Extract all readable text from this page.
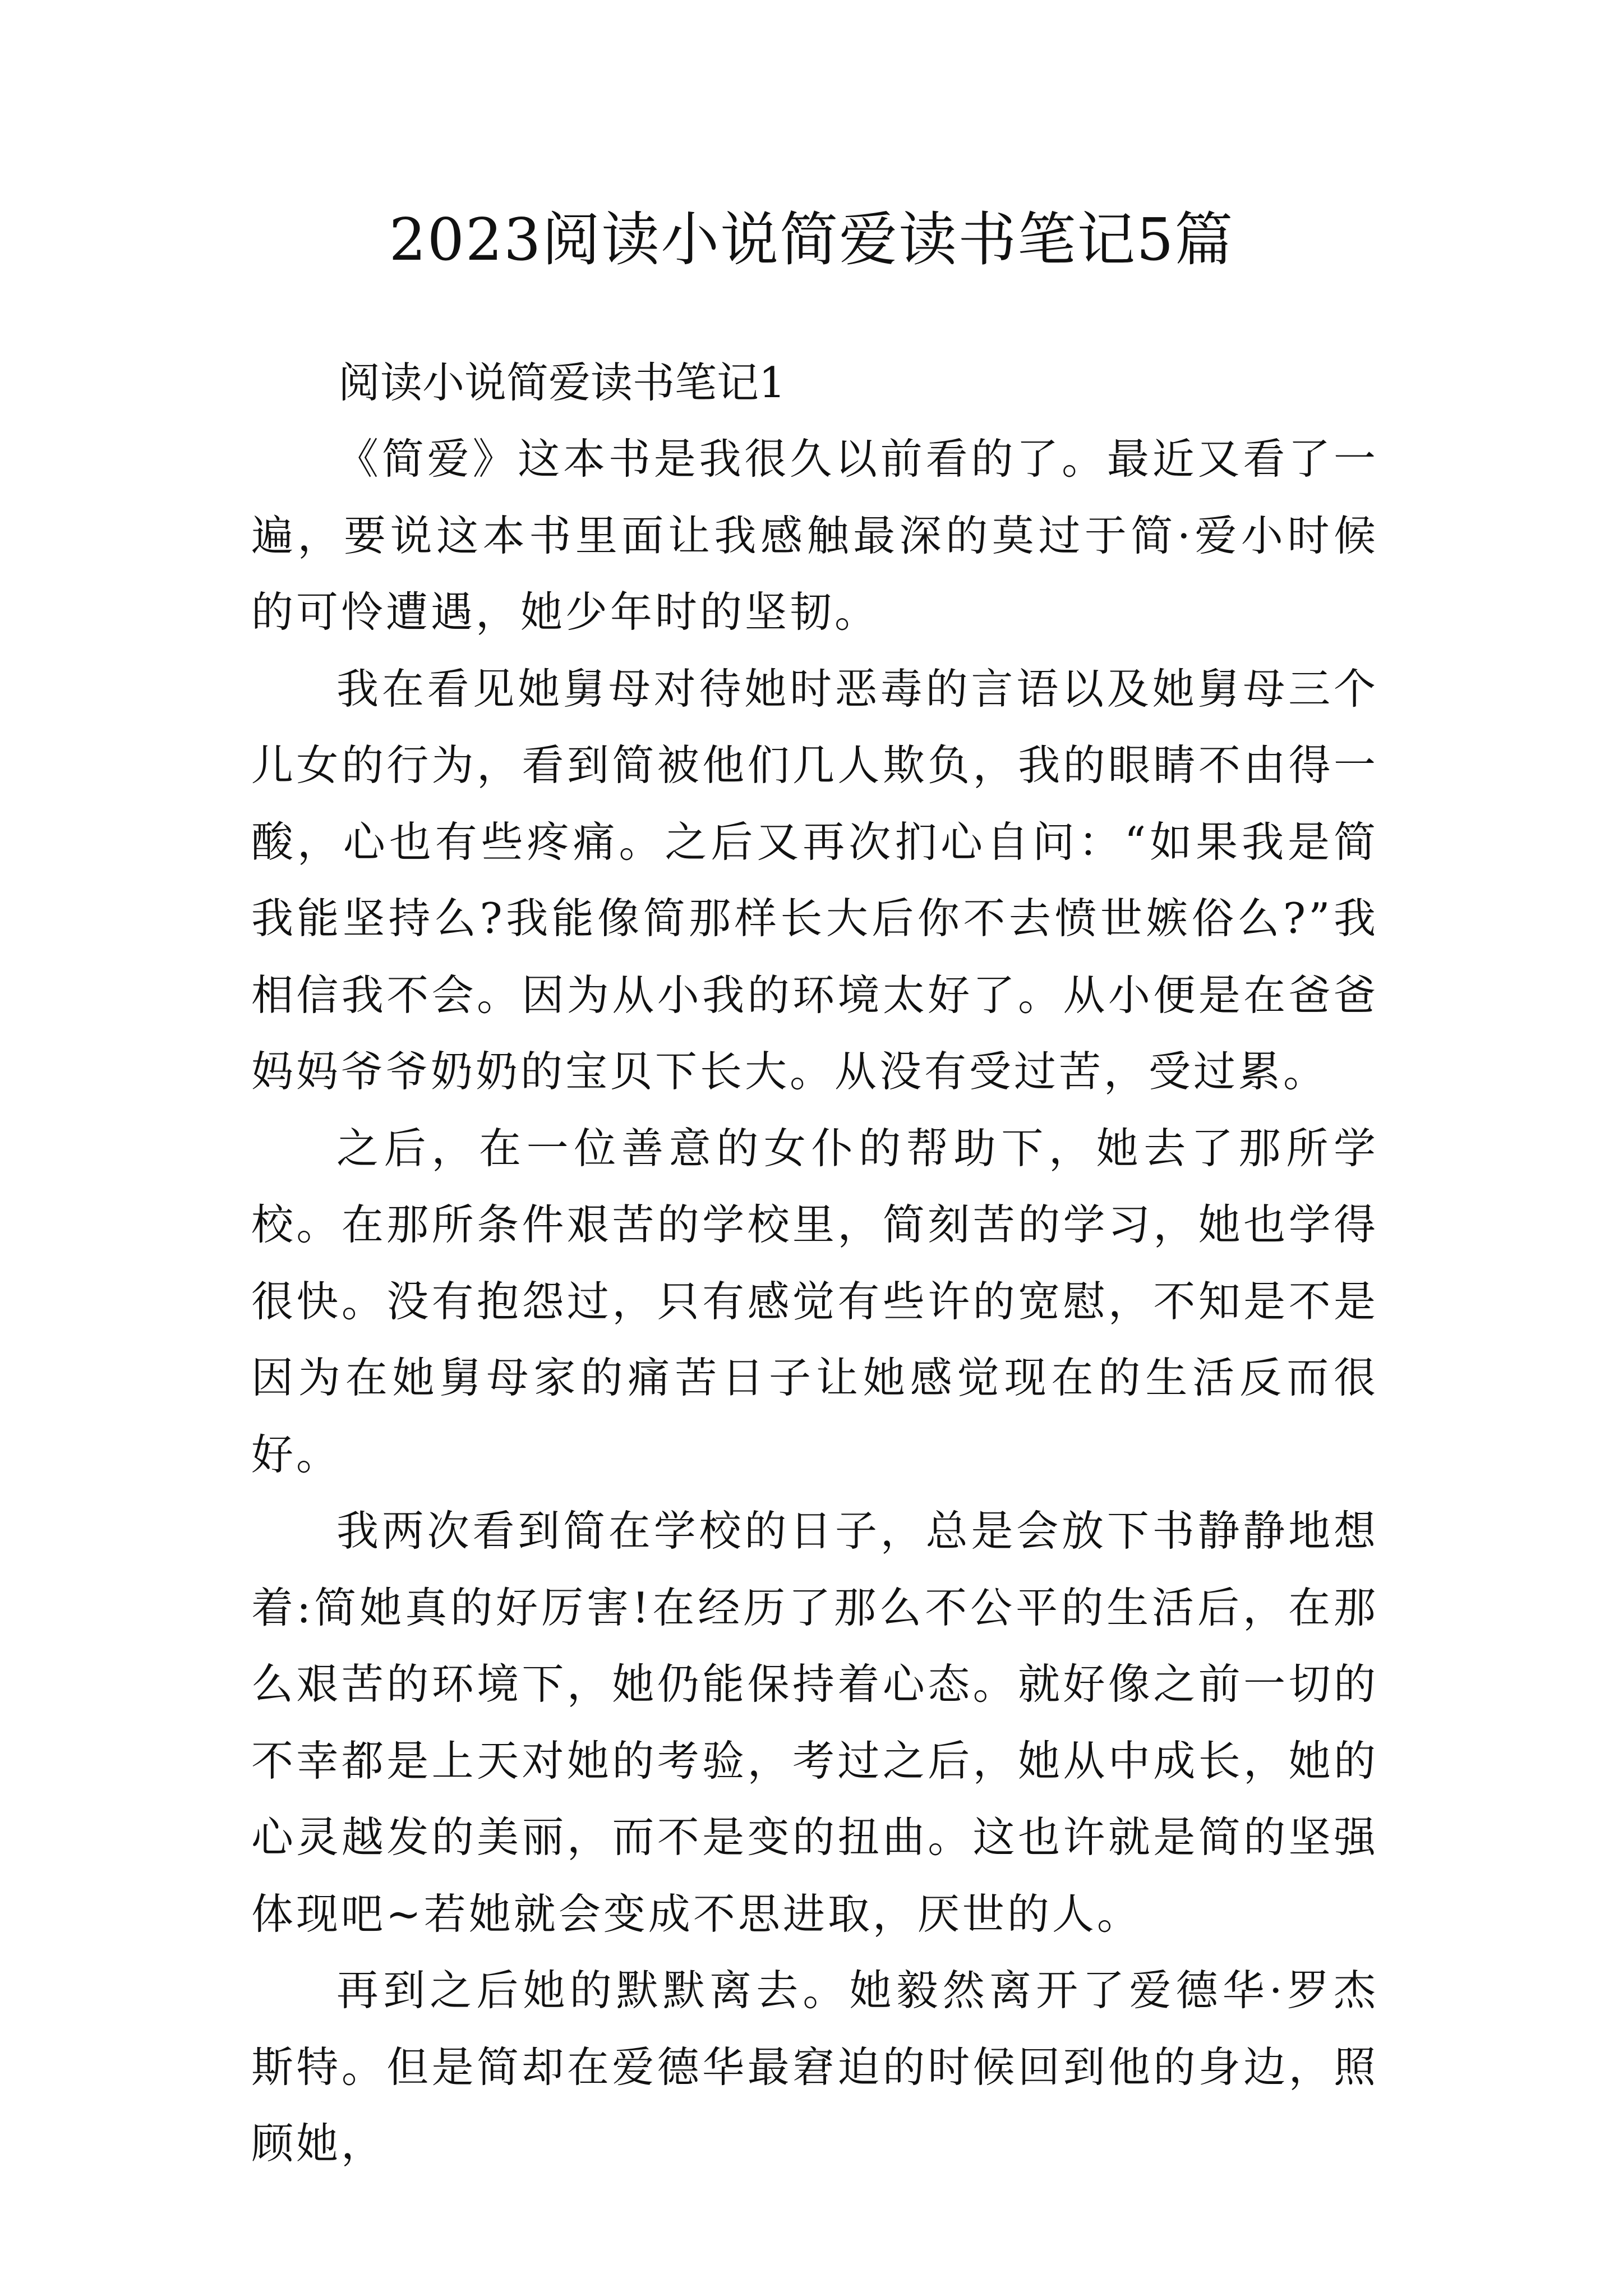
2023阅读小说简爱读书笔记5篇

阅读小说简爱读书笔记1

《简爱》这本书是我很久以前看的了。最近又看了一遍，要说这本书里面让我感触最深的莫过于简·爱小时候的可怜遭遇，她少年时的坚韧。

我在看见她舅母对待她时恶毒的言语以及她舅母三个儿女的行为，看到简被他们几人欺负，我的眼睛不由得一酸，心也有些疼痛。之后又再次扪心自问：“如果我是简我能坚持么?我能像简那样长大后你不去愤世嫉俗么?”我相信我不会。因为从小我的环境太好了。从小便是在爸爸妈妈爷爷奶奶的宝贝下长大。从没有受过苦，受过累。

之后，在一位善意的女仆的帮助下，她去了那所学校。在那所条件艰苦的学校里，简刻苦的学习，她也学得很快。没有抱怨过，只有感觉有些许的宽慰，不知是不是因为在她舅母家的痛苦日子让她感觉现在的生活反而很好。

我两次看到简在学校的日子，总是会放下书静静地想着:简她真的好厉害!在经历了那么不公平的生活后，在那么艰苦的环境下，她仍能保持着心态。就好像之前一切的不幸都是上天对她的考验，考过之后，她从中成长，她的心灵越发的美丽，而不是变的扭曲。这也许就是简的坚强体现吧~若她就会变成不思进取，厌世的人。

再到之后她的默默离去。她毅然离开了爱德华·罗杰斯特。但是简却在爱德华最窘迫的时候回到他的身边，照顾她，
